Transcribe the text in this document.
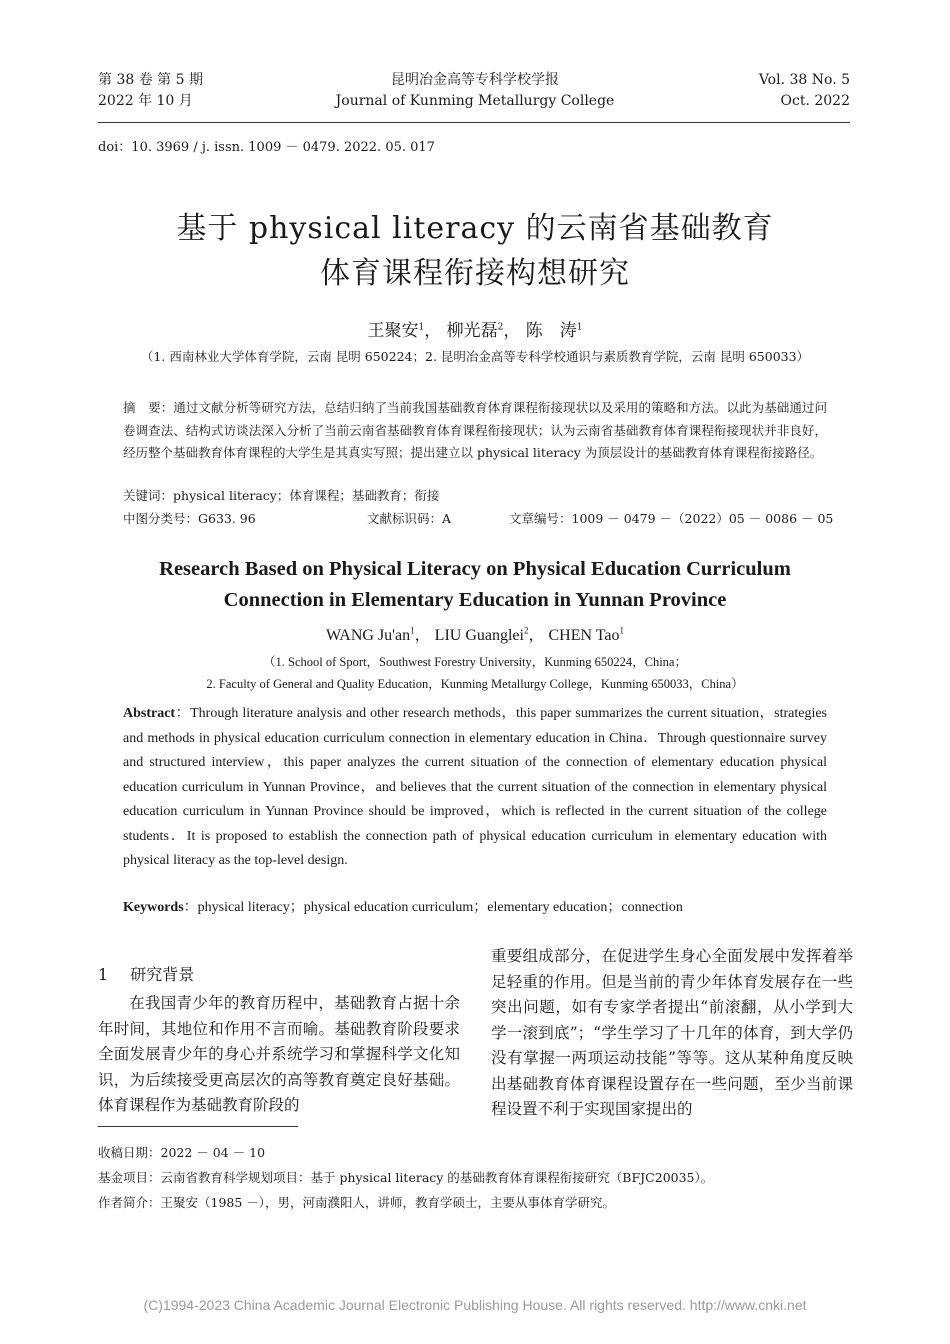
第 38 卷 第 5 期
2022 年 10 月
昆明冶金高等专科学校学报
Journal of Kunming Metallurgy College
Vol. 38 No. 5
Oct. 2022
doi：10. 3969 / j. issn. 1009 － 0479. 2022. 05. 017
基于 physical literacy 的云南省基础教育
体育课程衔接构想研究
王聚安$^1$， 柳光磊$^2$， 陈　涛$^1$
（1. 西南林业大学体育学院，云南 昆明 650224；2. 昆明冶金高等专科学校通识与素质教育学院，云南 昆明 650033）
摘　要：通过文献分析等研究方法，总结归纳了当前我国基础教育体育课程衔接现状以及采用的策略和方法。以此为基础通过问卷调查法、结构式访谈法深入分析了当前云南省基础教育体育课程衔接现状；认为云南省基础教育体育课程衔接现状并非良好，经历整个基础教育体育课程的大学生是其真实写照；提出建立以 physical literacy 为顶层设计的基础教育体育课程衔接路径。
关键词：physical literacy；体育课程；基础教育；衔接
中图分类号：G633. 96	文献标识码：A	文章编号：1009 － 0479 －（2022）05 － 0086 － 05
Research Based on Physical Literacy on Physical Education Curriculum
Connection in Elementary Education in Yunnan Province
WANG $Ju'an^1$， LIU Guanglei$^2$， CHEN Tao$^1$
（1. School of Sport，Southwest Forestry University，Kunming 650224，China；
2. Faculty of General and Quality Education，Kunming Metallurgy College，Kunming 650033，China）
Abstract：Through literature analysis and other research methods，this paper summarizes the current situation，strategies and methods in physical education curriculum connection in elementary education in China．Through questionnaire survey and structured interview，this paper analyzes the current situation of the connection of elementary education physical education curriculum in Yunnan Province，and believes that the current situation of the connection in elementary physical education curriculum in Yunnan Province should be improved，which is reflected in the current situation of the college students．It is proposed to establish the connection path of physical education curriculum in elementary education with physical literacy as the top-level design.
Keywords：physical literacy；physical education curriculum；elementary education；connection
1 研究背景
在我国青少年的教育历程中，基础教育占据十余年时间，其地位和作用不言而喻。基础教育阶段要求全面发展青少年的身心并系统学习和掌握科学文化知识，为后续接受更高层次的高等教育奠定良好基础。体育课程作为基础教育阶段的
重要组成部分，在促进学生身心全面发展中发挥着举足轻重的作用。但是当前的青少年体育发展存在一些突出问题，如有专家学者提出“前滚翻，从小学到大学一滚到底”；“学生学习了十几年的体育，到大学仍没有掌握一两项运动技能”等等。这从某种角度反映出基础教育体育课程设置存在一些问题，至少当前课程设置不利于实现国家提出的
收稿日期：2022 － 04 － 10
基金项目：云南省教育科学规划项目：基于 physical literacy 的基础教育体育课程衔接研究（BFJC20035）。
作者简介：王聚安（1985 －），男，河南濮阳人，讲师，教育学硕士，主要从事体育学研究。
(C)1994-2023 China Academic Journal Electronic Publishing House. All rights reserved. http://www.cnki.net
